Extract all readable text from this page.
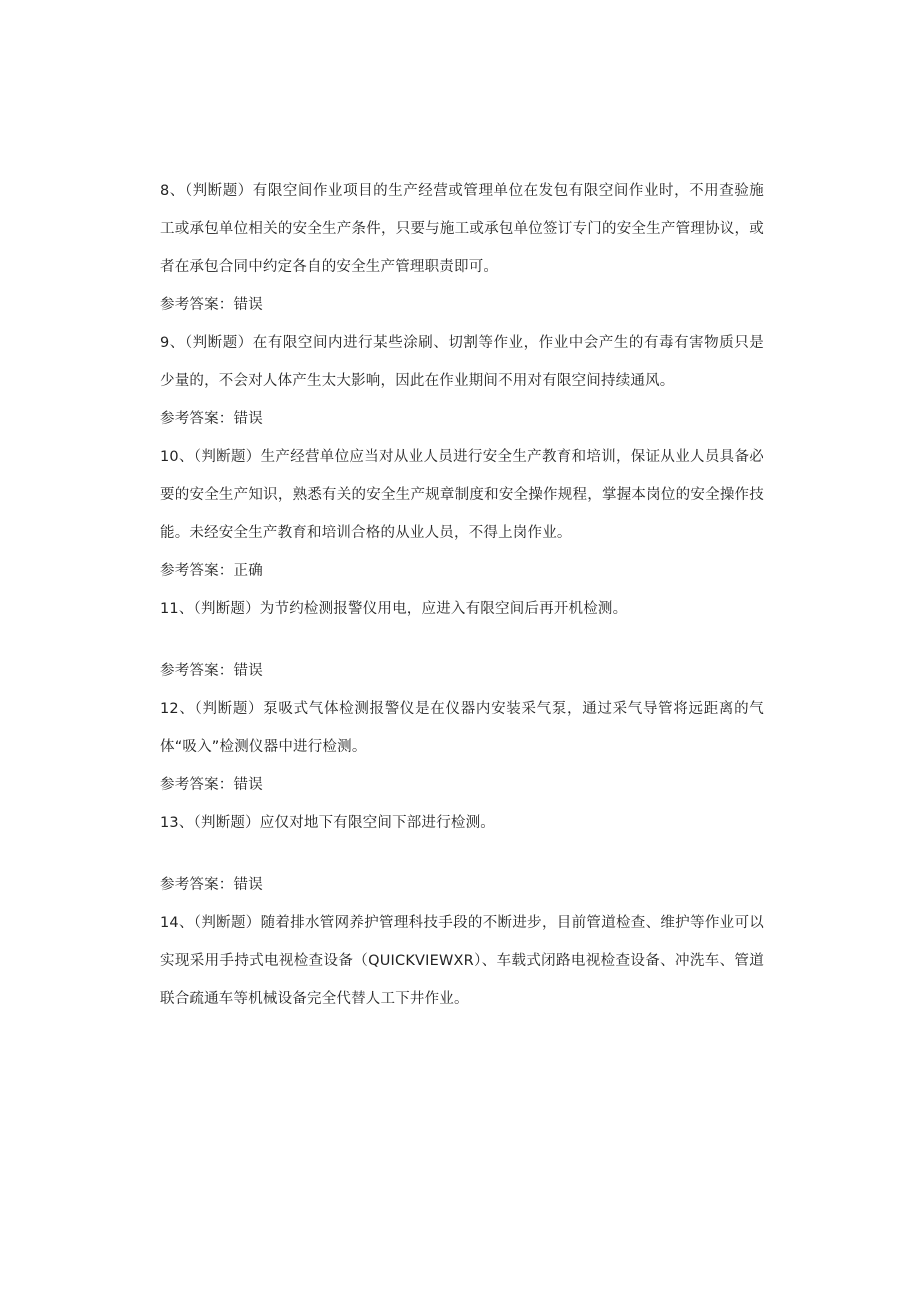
8、（判断题）有限空间作业项目的生产经营或管理单位在发包有限空间作业时，不用查验施工或承包单位相关的安全生产条件，只要与施工或承包单位签订专门的安全生产管理协议，或者在承包合同中约定各自的安全生产管理职责即可。

参考答案：错误

9、（判断题）在有限空间内进行某些涂刷、切割等作业，作业中会产生的有毒有害物质只是少量的，不会对人体产生太大影响，因此在作业期间不用对有限空间持续通风。

参考答案：错误

10、（判断题）生产经营单位应当对从业人员进行安全生产教育和培训，保证从业人员具备必要的安全生产知识，熟悉有关的安全生产规章制度和安全操作规程，掌握本岗位的安全操作技能。未经安全生产教育和培训合格的从业人员，不得上岗作业。

参考答案：正确

11、（判断题）为节约检测报警仪用电，应进入有限空间后再开机检测。

参考答案：错误

12、（判断题）泵吸式气体检测报警仪是在仪器内安装采气泵，通过采气导管将远距离的气体“吸入”检测仪器中进行检测。

参考答案：错误

13、（判断题）应仅对地下有限空间下部进行检测。

参考答案：错误

14、（判断题）随着排水管网养护管理科技手段的不断进步，目前管道检查、维护等作业可以实现采用手持式电视检查设备（QUICKVIEWXR）、车载式闭路电视检查设备、冲洗车、管道联合疏通车等机械设备完全代替人工下井作业。
